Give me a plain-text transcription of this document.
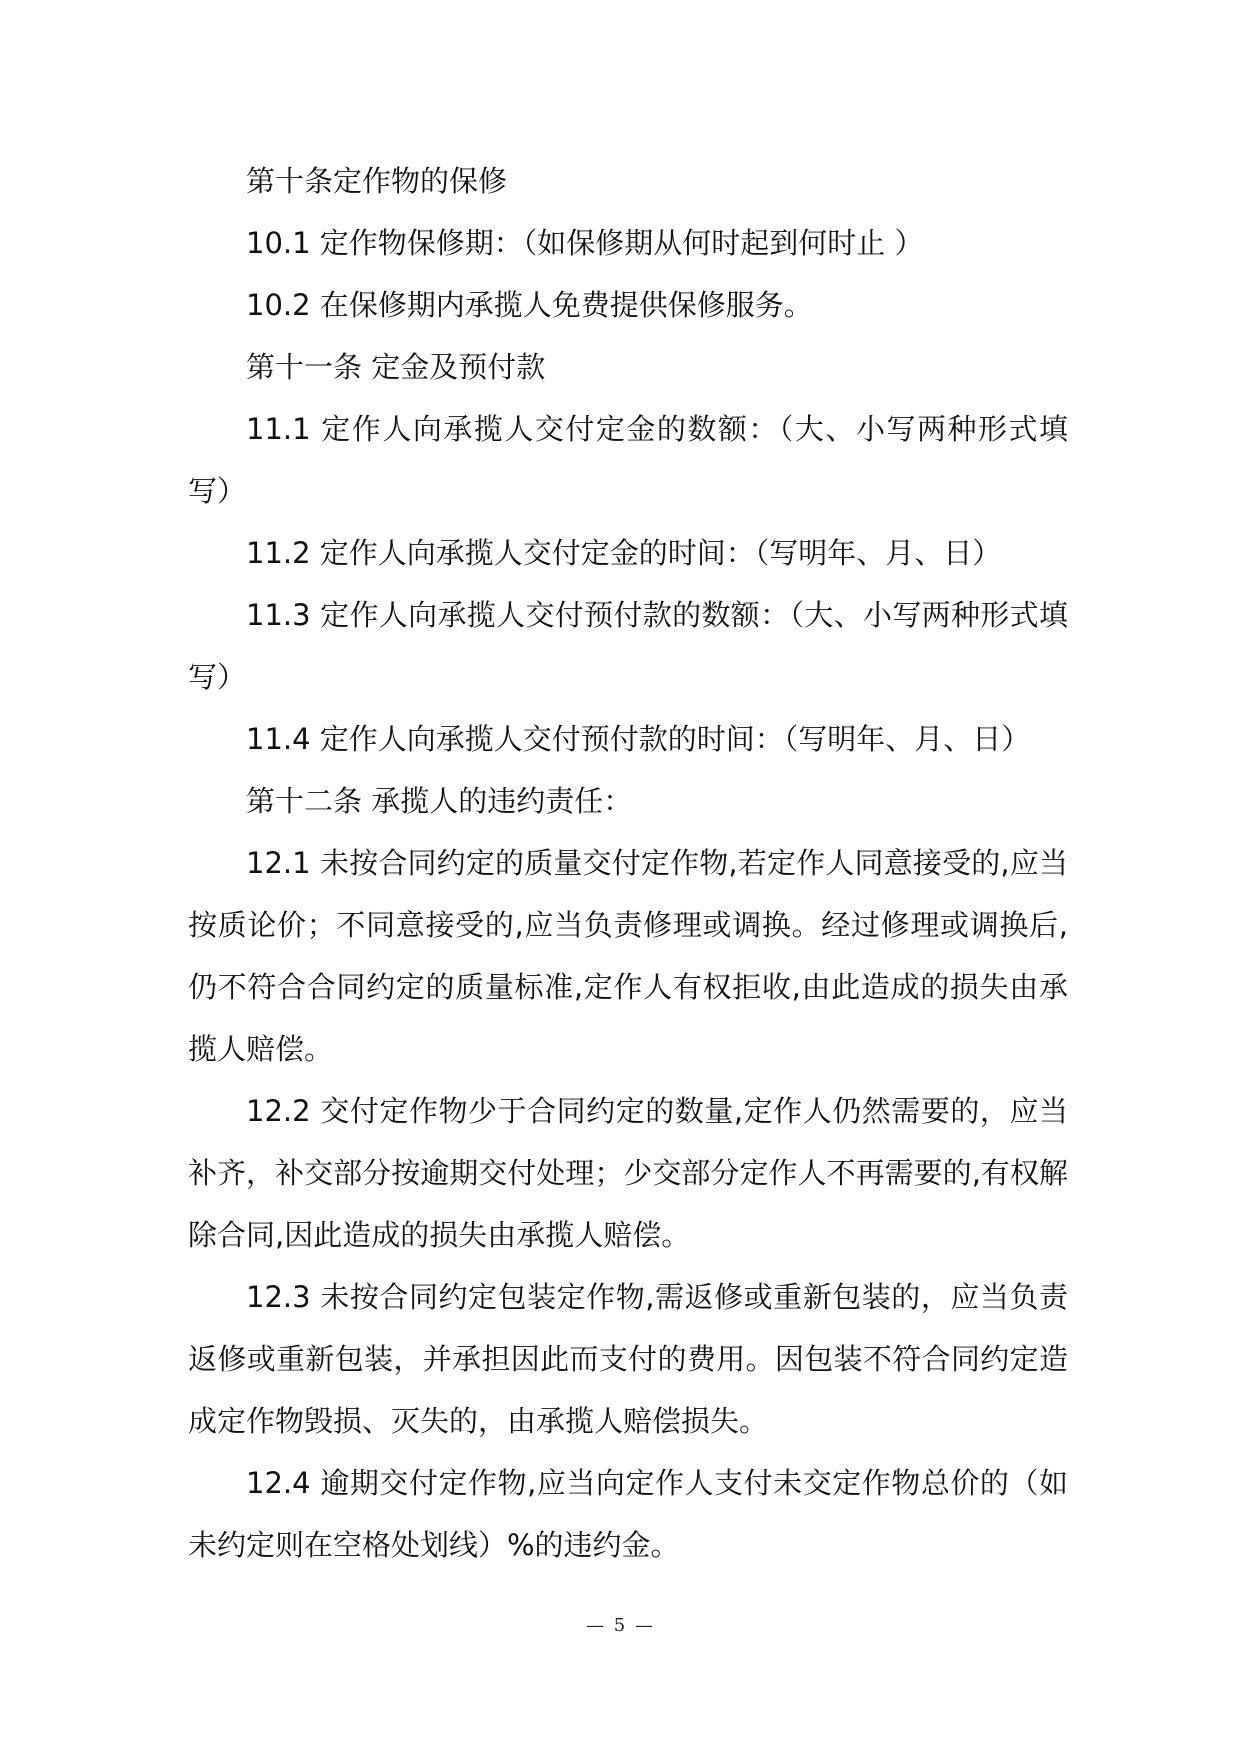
第十条定作物的保修

10.1 定作物保修期：（如保修期从何时起到何时止 ）

10.2 在保修期内承揽人免费提供保修服务。

第十一条 定金及预付款

11.1 定作人向承揽人交付定金的数额：（大、小写两种形式填写）

11.2 定作人向承揽人交付定金的时间：（写明年、月、日）

11.3 定作人向承揽人交付预付款的数额：（大、小写两种形式填写）

11.4 定作人向承揽人交付预付款的时间：（写明年、月、日）

第十二条 承揽人的违约责任：

12.1 未按合同约定的质量交付定作物,若定作人同意接受的,应当按质论价；不同意接受的,应当负责修理或调换。经过修理或调换后,仍不符合合同约定的质量标准,定作人有权拒收,由此造成的损失由承揽人赔偿。

12.2 交付定作物少于合同约定的数量,定作人仍然需要的，应当补齐，补交部分按逾期交付处理；少交部分定作人不再需要的,有权解除合同,因此造成的损失由承揽人赔偿。

12.3 未按合同约定包装定作物,需返修或重新包装的，应当负责返修或重新包装，并承担因此而支付的费用。因包装不符合同约定造成定作物毁损、灭失的，由承揽人赔偿损失。

12.4 逾期交付定作物,应当向定作人支付未交定作物总价的（如未约定则在空格处划线）%的违约金。

— 5 —
